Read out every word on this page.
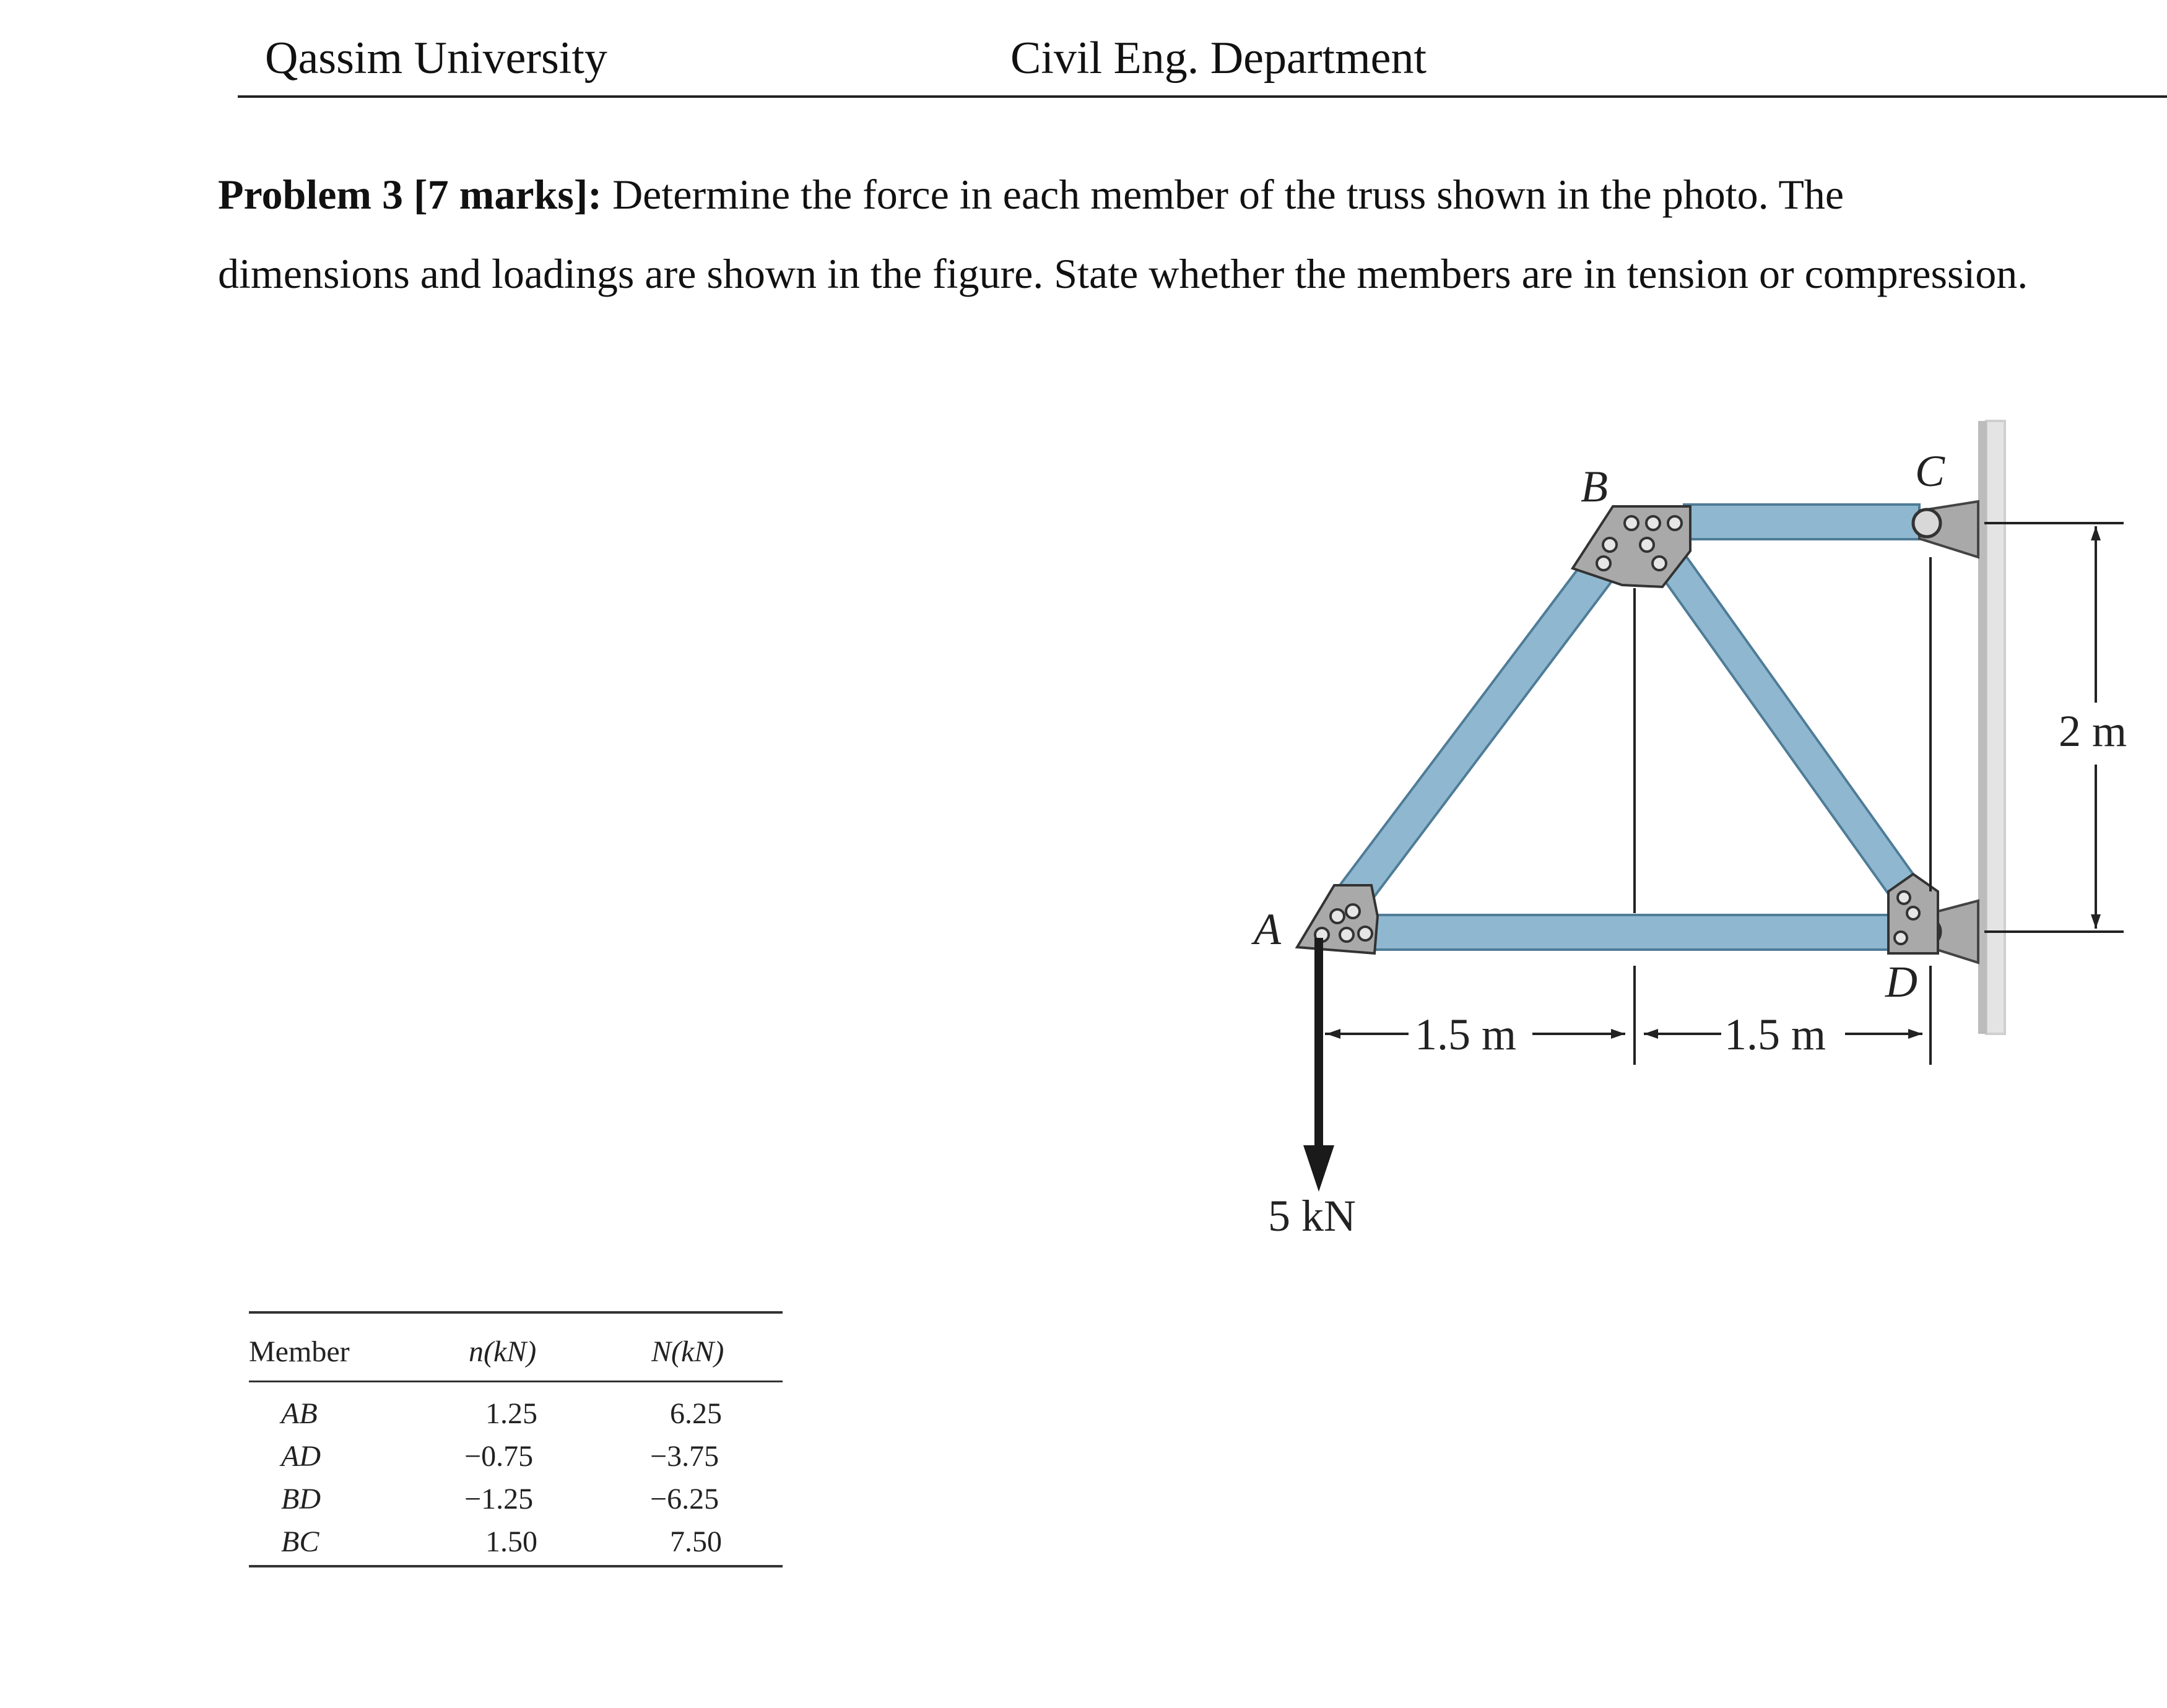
Qassim University	Civil Eng. Department
Problem 3 [7 marks]: Determine the force in each member of the truss shown in the photo. The dimensions and loadings are shown in the figure. State whether the members are in tension or compression.
A
B	C
D
1.5 m	1.5 m
2 m
5 kN
Member	n(kN)	N(kN)
AB	1.25	6.25
AD	−0.75	−3.75
BD	−1.25	−6.25
BC	1.50	7.50
